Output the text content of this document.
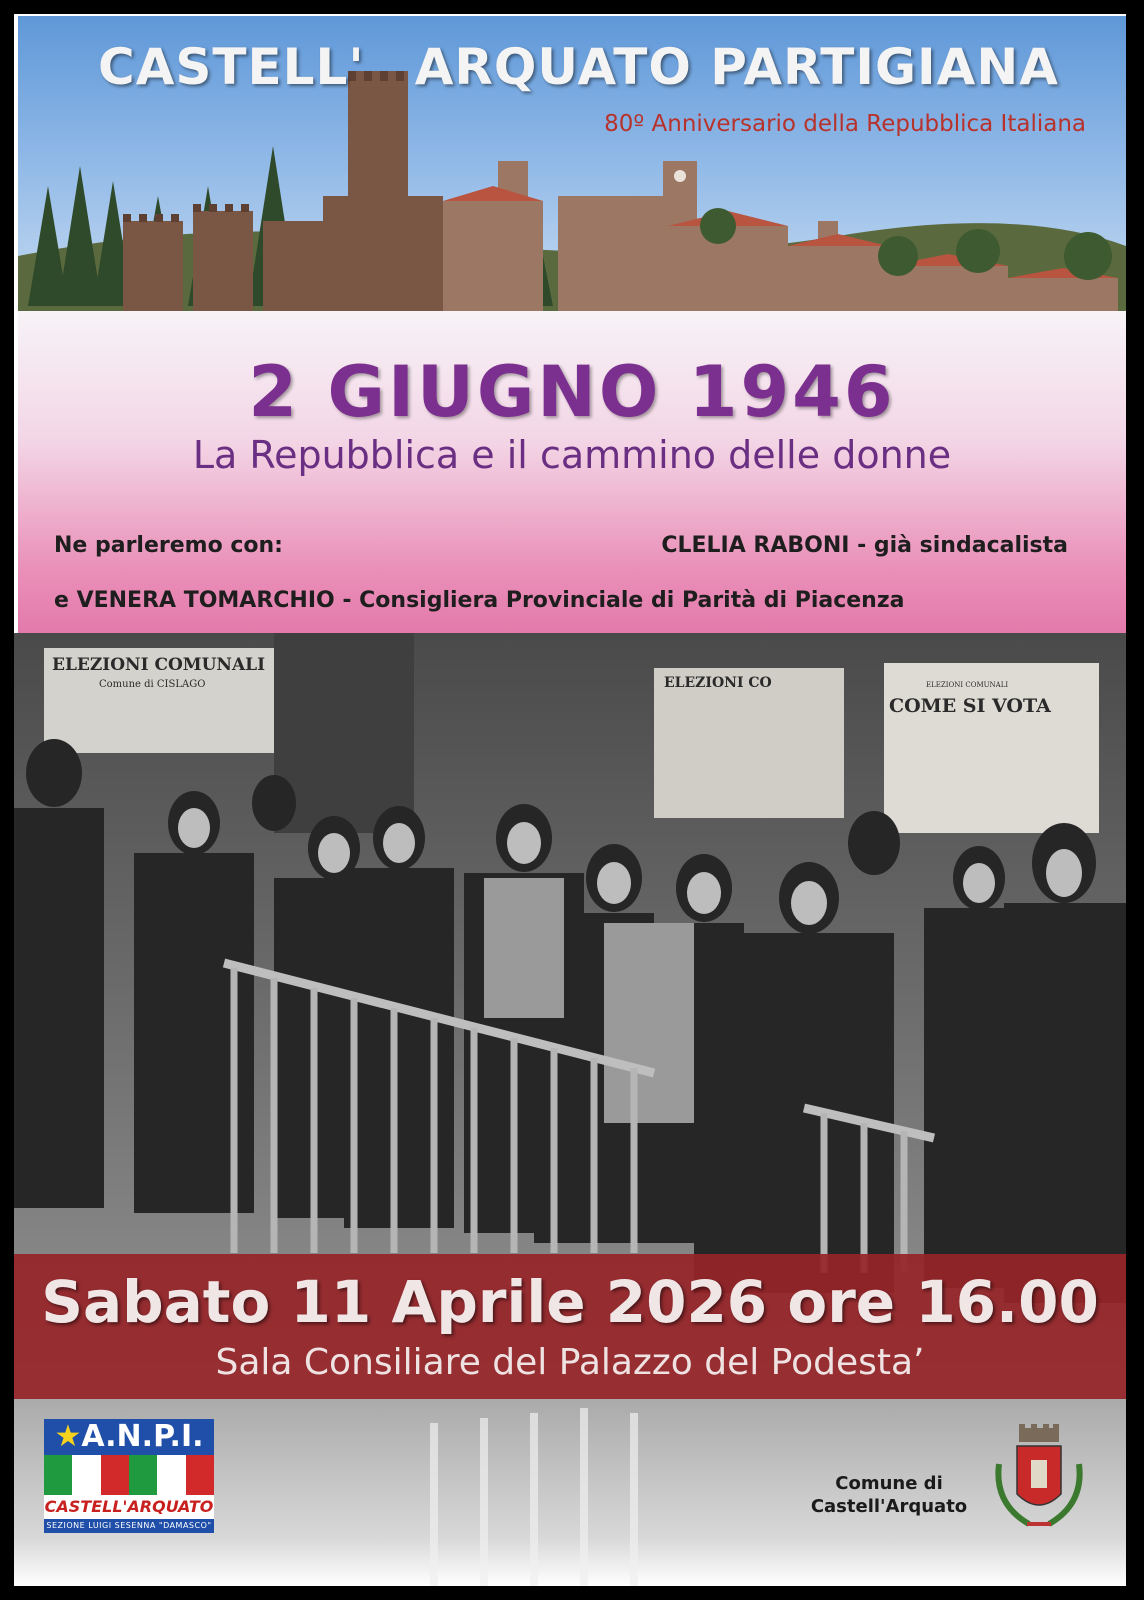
CASTELL' ARQUATO PARTIGIANA
80º Anniversario della Repubblica Italiana
2 GIUGNO 1946
La Repubblica e il cammino delle donne
Ne parleremo con:	CLELIA RABONI - già sindacalista
e VENERA TOMARCHIO - Consigliera Provinciale di Parità di Piacenza
ELEZIONI COMUNALI
Comune di CISLAGO	ELEZIONI CO	ELEZIONI COMUNALI
COME SI VOTA
Sabato 11 Aprile 2026 ore 16.00
Sala Consiliare del Palazzo del Podesta’
★A.N.P.I.
CASTELL'ARQUATO
SEZIONE LUIGI SESENNA "DAMASCO"
Comune di
Castell'Arquato
